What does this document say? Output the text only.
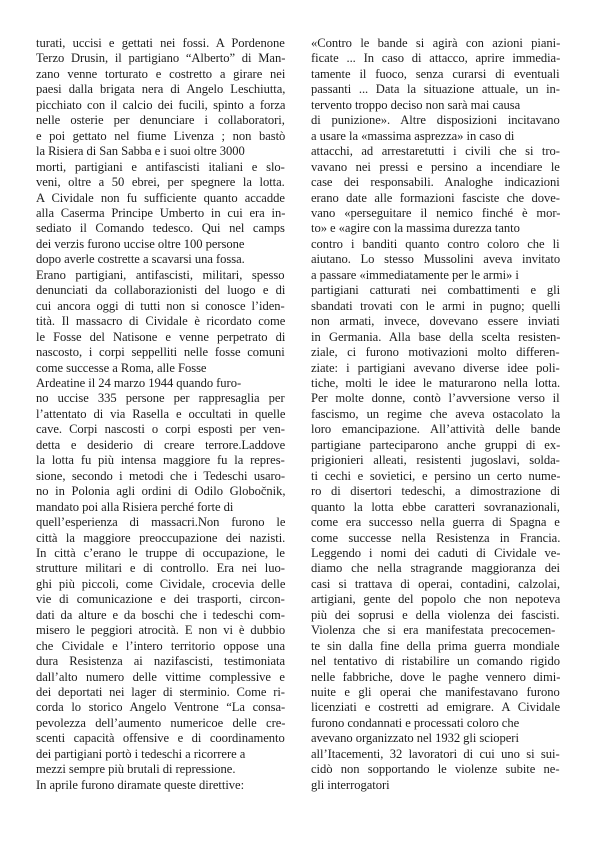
turati, uccisi e gettati nei fossi. A Pordenone
Terzo Drusin, il partigiano “Alberto” di Man-
zano venne torturato e costretto a girare nei
paesi dalla brigata nera di Angelo Leschiutta,
picchiato con il calcio dei fucili, spinto a forza
nelle osterie per denunciare i collaboratori,
e poi gettato nel fiume Livenza ; non bastò
la Risiera di San Sabba e i suoi oltre 3000
morti, partigiani e antifascisti italiani e slo-
veni, oltre a 50 ebrei, per spegnere la lotta.
A Cividale non fu sufficiente quanto accadde
alla Caserma Principe Umberto in cui era in-
sediato il Comando tedesco. Qui nel camps
dei verzis furono uccise oltre 100 persone
dopo averle costrette a scavarsi una fossa.
Erano partigiani, antifascisti, militari, spesso
denunciati da collaborazionisti del luogo e di
cui ancora oggi di tutti non si conosce l’iden-
tità. Il massacro di Cividale è ricordato come
le Fosse del Natisone e venne perpetrato di
nascosto, i corpi seppelliti nelle fosse comuni
come successe a Roma, alle Fosse
Ardeatine il 24 marzo 1944 quando furo-
no uccise 335 persone per rappresaglia per
l’attentato di via Rasella e occultati in quelle
cave. Corpi nascosti o corpi esposti per ven-
detta e desiderio di creare terrore.Laddove
la lotta fu più intensa maggiore fu la repres-
sione, secondo i metodi che i Tedeschi usaro-
no in Polonia agli ordini di Odilo Globočnik,
mandato poi alla Risiera perché forte di
quell’esperienza di massacri.Non furono le
città la maggiore preoccupazione dei nazisti.
In città c’erano le truppe di occupazione, le
strutture militari e di controllo. Era nei luo-
ghi più piccoli, come Cividale, crocevia delle
vie di comunicazione e dei trasporti, circon-
dati da alture e da boschi che i tedeschi com-
misero le peggiori atrocità. E non vi è dubbio
che Cividale e l’intero territorio oppose una
dura Resistenza ai nazifascisti, testimoniata
dall’alto numero delle vittime complessive e
dei deportati nei lager di sterminio. Come ri-
corda lo storico Angelo Ventrone “La consa-
pevolezza dell’aumento numericoe delle cre-
scenti capacità offensive e di coordinamento
dei partigiani portò i tedeschi a ricorrere a
mezzi sempre più brutali di repressione.
In aprile furono diramate queste direttive:
«Contro le bande si agirà con azioni piani-
ficate ... In caso di attacco, aprire immedia-
tamente il fuoco, senza curarsi di eventuali
passanti ... Data la situazione attuale, un in-
tervento troppo deciso non sarà mai causa
di punizione». Altre disposizioni incitavano
a usare la «massima asprezza» in caso di
attacchi, ad arrestaretutti i civili che si tro-
vavano nei pressi e persino a incendiare le
case dei responsabili. Analoghe indicazioni
erano date alle formazioni fasciste che dove-
vano «perseguitare il nemico finché è mor-
to» e «agire con la massima durezza tanto
contro i banditi quanto contro coloro che li
aiutano. Lo stesso Mussolini aveva invitato
a passare «immediatamente per le armi» i
partigiani catturati nei combattimenti e gli
sbandati trovati con le armi in pugno; quelli
non armati, invece, dovevano essere inviati
in Germania. Alla base della scelta resisten-
ziale, ci furono motivazioni molto differen-
ziate: i partigiani avevano diverse idee poli-
tiche, molti le idee le maturarono nella lotta.
Per molte donne, contò l’avversione verso il
fascismo, un regime che aveva ostacolato la
loro emancipazione. All’attività delle bande
partigiane parteciparono anche gruppi di ex-
prigionieri alleati, resistenti jugoslavi, solda-
ti cechi e sovietici, e persino un certo nume-
ro di disertori tedeschi, a dimostrazione di
quanto la lotta ebbe caratteri sovranazionali,
come era successo nella guerra di Spagna e
come successe nella Resistenza in Francia.
Leggendo i nomi dei caduti di Cividale ve-
diamo che nella stragrande maggioranza dei
casi si trattava di operai, contadini, calzolai,
artigiani, gente del popolo che non nepoteva
più dei soprusi e della violenza dei fascisti.
Violenza che si era manifestata precocemen-
te sin dalla fine della prima guerra mondiale
nel tentativo di ristabilire un comando rigido
nelle fabbriche, dove le paghe vennero dimi-
nuite e gli operai che manifestavano furono
licenziati e costretti ad emigrare. A Cividale
furono condannati e processati coloro che
avevano organizzato nel 1932 gli scioperi
all’Itacementi, 32 lavoratori di cui uno si sui-
cidò non sopportando le violenze subite ne-
gli interrogatori
